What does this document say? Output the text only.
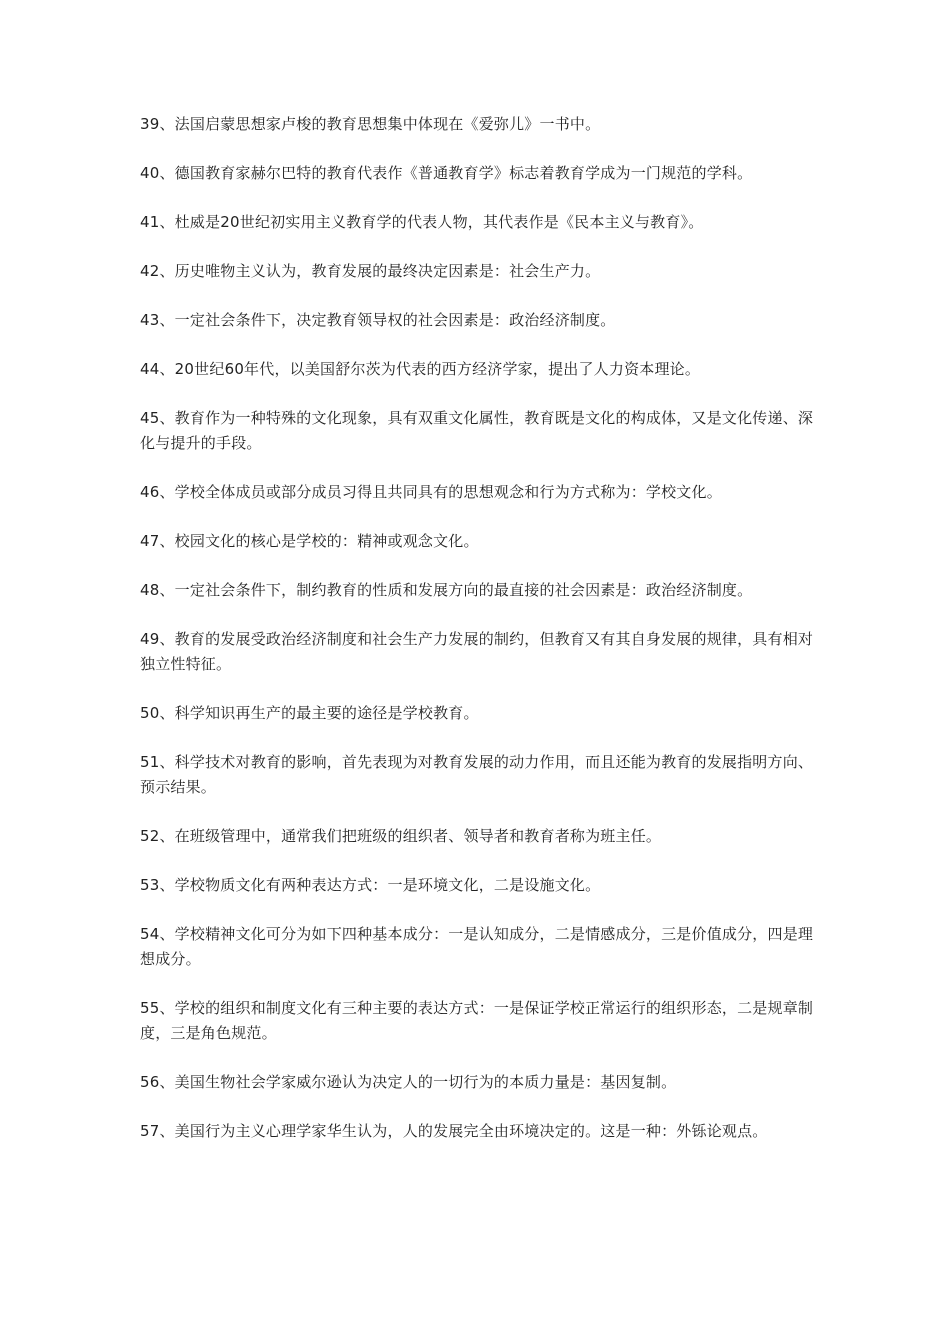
39、法国启蒙思想家卢梭的教育思想集中体现在《爱弥儿》一书中。

40、德国教育家赫尔巴特的教育代表作《普通教育学》标志着教育学成为一门规范的学科。

41、杜威是20世纪初实用主义教育学的代表人物，其代表作是《民本主义与教育》。

42、历史唯物主义认为，教育发展的最终决定因素是：社会生产力。

43、一定社会条件下，决定教育领导权的社会因素是：政治经济制度。

44、20世纪60年代，以美国舒尔茨为代表的西方经济学家，提出了人力资本理论。

45、教育作为一种特殊的文化现象，具有双重文化属性，教育既是文化的构成体，又是文化传递、深化与提升的手段。

46、学校全体成员或部分成员习得且共同具有的思想观念和行为方式称为：学校文化。

47、校园文化的核心是学校的：精神或观念文化。

48、一定社会条件下，制约教育的性质和发展方向的最直接的社会因素是：政治经济制度。

49、教育的发展受政治经济制度和社会生产力发展的制约，但教育又有其自身发展的规律，具有相对独立性特征。

50、科学知识再生产的最主要的途径是学校教育。

51、科学技术对教育的影响，首先表现为对教育发展的动力作用，而且还能为教育的发展指明方向、预示结果。

52、在班级管理中，通常我们把班级的组织者、领导者和教育者称为班主任。

53、学校物质文化有两种表达方式：一是环境文化，二是设施文化。

54、学校精神文化可分为如下四种基本成分：一是认知成分，二是情感成分，三是价值成分，四是理想成分。

55、学校的组织和制度文化有三种主要的表达方式：一是保证学校正常运行的组织形态，二是规章制度，三是角色规范。

56、美国生物社会学家威尔逊认为决定人的一切行为的本质力量是：基因复制。

57、美国行为主义心理学家华生认为，人的发展完全由环境决定的。这是一种：外铄论观点。
